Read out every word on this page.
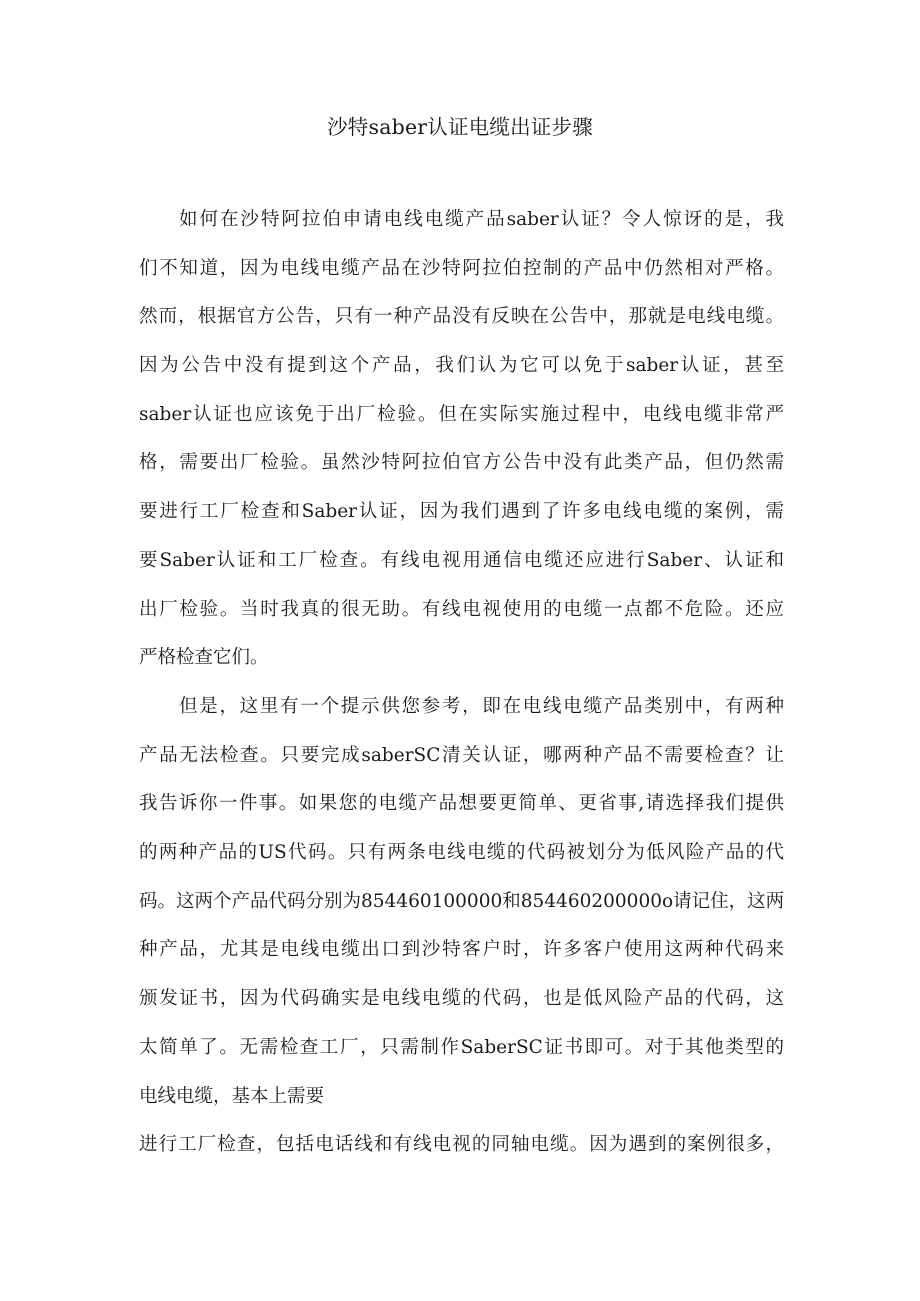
沙特saber认证电缆出证步骤
如何在沙特阿拉伯申请电线电缆产品saber认证？令人惊讶的是，我
们不知道，因为电线电缆产品在沙特阿拉伯控制的产品中仍然相对严格。
然而，根据官方公告，只有一种产品没有反映在公告中，那就是电线电缆。
因为公告中没有提到这个产品，我们认为它可以免于saber认证，甚至
saber认证也应该免于出厂检验。但在实际实施过程中，电线电缆非常严
格，需要出厂检验。虽然沙特阿拉伯官方公告中没有此类产品，但仍然需
要进行工厂检查和Saber认证，因为我们遇到了许多电线电缆的案例，需
要Saber认证和工厂检查。有线电视用通信电缆还应进行Saber、认证和
出厂检验。当时我真的很无助。有线电视使用的电缆一点都不危险。还应
严格检查它们。
但是，这里有一个提示供您参考，即在电线电缆产品类别中，有两种
产品无法检查。只要完成saberSC清关认证，哪两种产品不需要检查？让
我告诉你一件事。如果您的电缆产品想要更简单、更省事,请选择我们提供
的两种产品的US代码。只有两条电线电缆的代码被划分为低风险产品的代
码。这两个产品代码分别为854460100000和854460200000o请记住，这两
种产品，尤其是电线电缆出口到沙特客户时，许多客户使用这两种代码来
颁发证书，因为代码确实是电线电缆的代码，也是低风险产品的代码，这
太简单了。无需检查工厂，只需制作SaberSC证书即可。对于其他类型的
电线电缆，基本上需要
进行工厂检查，包括电话线和有线电视的同轴电缆。因为遇到的案例很多，
